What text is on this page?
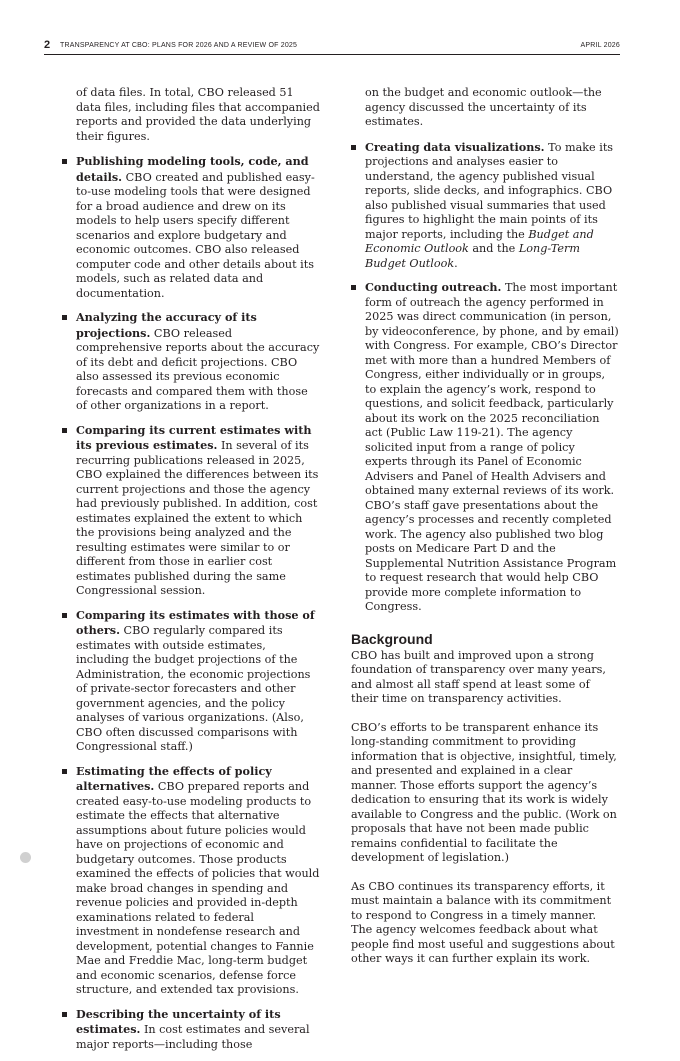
2 TRANSPARENCY AT CBO: PLANS FOR 2026 AND A REVIEW OF 2025	APRIL 2026

of data files. In total, CBO released 51 data files, including files that accompanied reports and provided the data underlying their figures.

Publishing modeling tools, code, and details. CBO created and published easy-to-use modeling tools that were designed for a broad audience and drew on its models to help users specify different scenarios and explore budgetary and economic outcomes. CBO also released computer code and other details about its models, such as related data and documentation.
Analyzing the accuracy of its projections. CBO released comprehensive reports about the accuracy of its debt and deficit projections. CBO also assessed its previous economic forecasts and compared them with those of other organizations in a report.
Comparing its current estimates with its previous estimates. In several of its recurring publications released in 2025, CBO explained the differences between its current projections and those the agency had previously published. In addition, cost estimates explained the extent to which the provisions being analyzed and the resulting estimates were similar to or different from those in earlier cost estimates published during the same Congressional session.
Comparing its estimates with those of others. CBO regularly compared its estimates with outside estimates, including the budget projections of the Administration, the economic projections of private-sector forecasters and other government agencies, and the policy analyses of various organizations. (Also, CBO often discussed comparisons with Congressional staff.)
Estimating the effects of policy alternatives. CBO prepared reports and created easy-to-use modeling products to estimate the effects that alternative assumptions about future policies would have on projections of economic and budgetary outcomes. Those products examined the effects of policies that would make broad changes in spending and revenue policies and provided in-depth examinations related to federal investment in nondefense research and development, potential changes to Fannie Mae and Freddie Mac, long-term budget and economic scenarios, defense force structure, and extended tax provisions.
Describing the uncertainty of its estimates. In cost estimates and several major reports—including those

on the budget and economic outlook—the agency discussed the uncertainty of its estimates.

Creating data visualizations. To make its projections and analyses easier to understand, the agency published visual reports, slide decks, and infographics. CBO also published visual summaries that used figures to highlight the main points of its major reports, including the Budget and Economic Outlook and the Long-Term Budget Outlook.
Conducting outreach. The most important form of outreach the agency performed in 2025 was direct communication (in person, by videoconference, by phone, and by email) with Congress. For example, CBO’s Director met with more than a hundred Members of Congress, either individually or in groups, to explain the agency’s work, respond to questions, and solicit feedback, particularly about its work on the 2025 reconciliation act (Public Law 119-21). The agency solicited input from a range of policy experts through its Panel of Economic Advisers and Panel of Health Advisers and obtained many external reviews of its work. CBO’s staff gave presentations about the agency’s processes and recently completed work. The agency also published two blog posts on Medicare Part D and the Supplemental Nutrition Assistance Program to request research that would help CBO provide more complete information to Congress.
Background

CBO has built and improved upon a strong foundation of transparency over many years, and almost all staff spend at least some of their time on transparency activities.

CBO’s efforts to be transparent enhance its long-standing commitment to providing information that is objective, insightful, timely, and presented and explained in a clear manner. Those efforts support the agency’s dedication to ensuring that its work is widely available to Congress and the public. (Work on proposals that have not been made public remains confidential to facilitate the development of legislation.)

As CBO continues its transparency efforts, it must maintain a balance with its commitment to respond to Congress in a timely manner. The agency welcomes feedback about what people find most useful and suggestions about other ways it can further explain its work.
